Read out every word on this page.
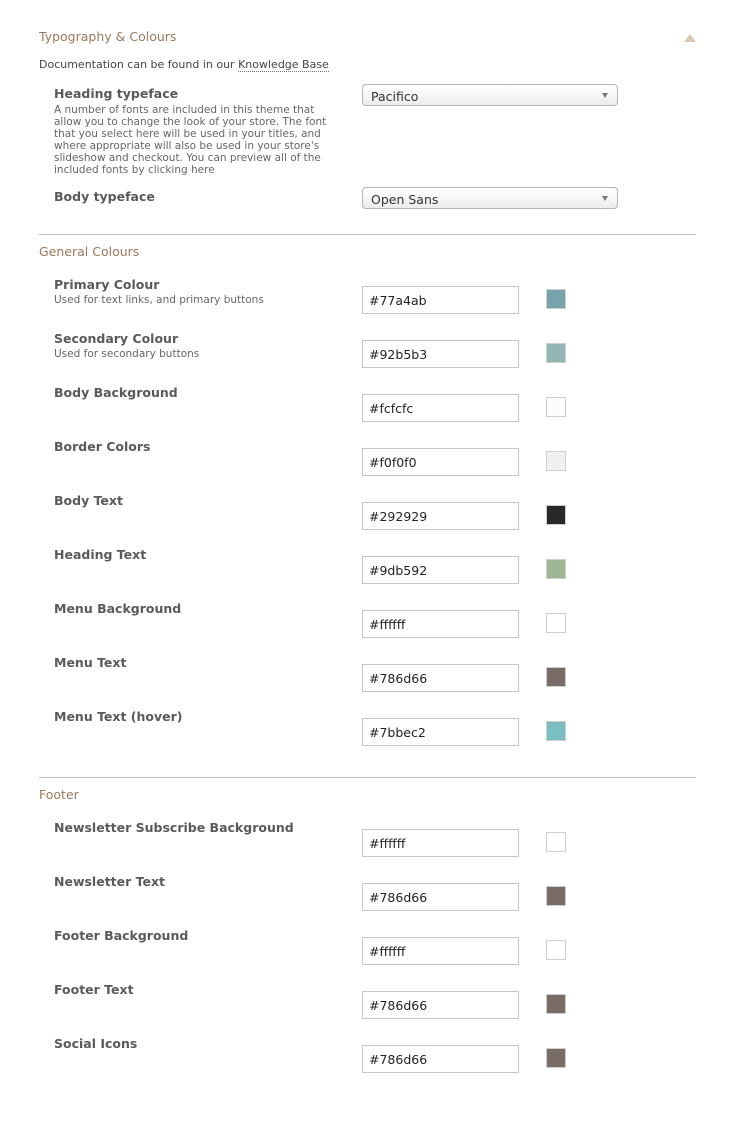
Typography & Colours
Documentation can be found in our Knowledge Base
Heading typeface
A number of fonts are included in this theme that
allow you to change the look of your store. The font
that you select here will be used in your titles, and
where appropriate will also be used in your store's
slideshow and checkout. You can preview all of the
included fonts by clicking here
Pacifico
Body typeface	Open Sans
General Colours
Primary Colour
Used for text links, and primary buttons
#77a4ab
Secondary Colour
Used for secondary buttons
#92b5b3
Body Background
#fcfcfc
Border Colors
#f0f0f0
Body Text
#292929
Heading Text
#9db592
Menu Background
#ffffff
Menu Text
#786d66
Menu Text (hover)
#7bbec2
Footer
Newsletter Subscribe Background
#ffffff
Newsletter Text
#786d66
Footer Background
#ffffff
Footer Text
#786d66
Social Icons
#786d66
